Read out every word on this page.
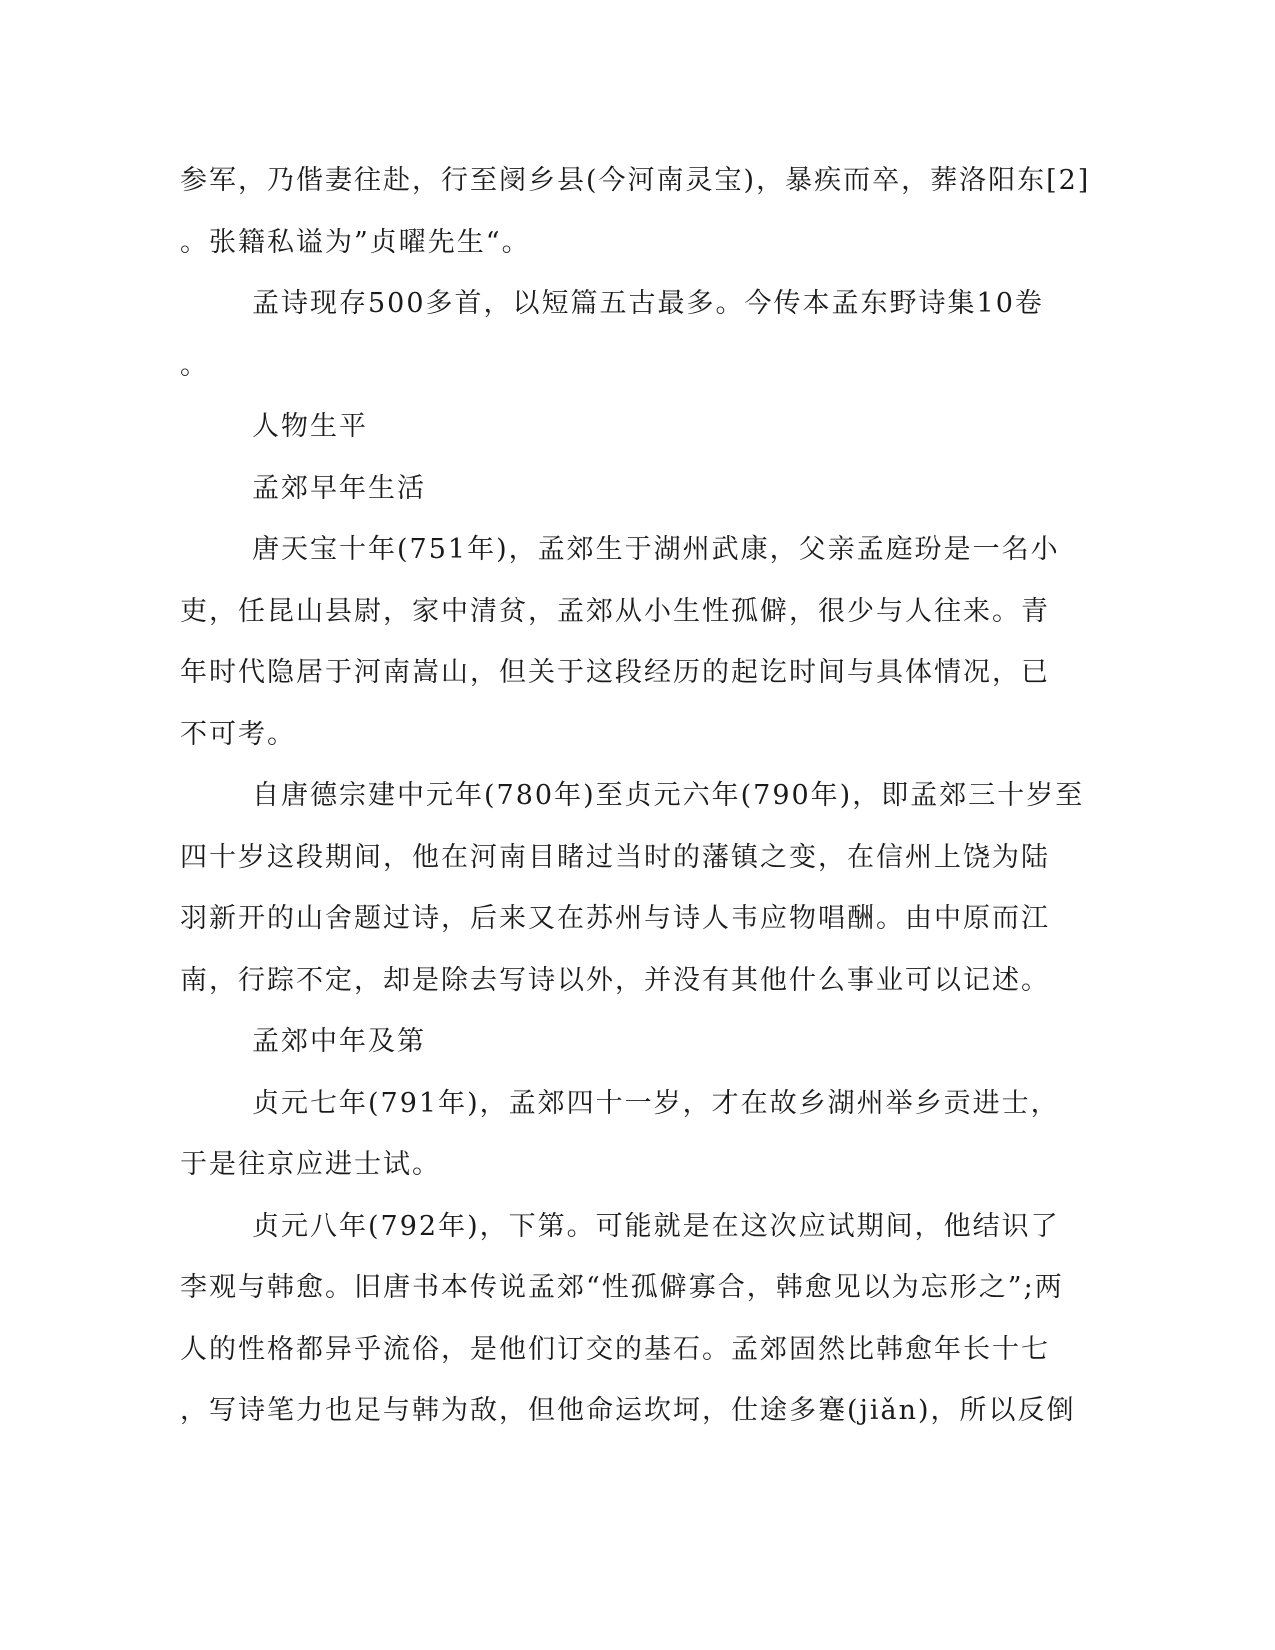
参军，乃偕妻往赴，行至阌乡县(今河南灵宝)，暴疾而卒，葬洛阳东[2]
。张籍私谥为”贞曜先生“。
孟诗现存500多首，以短篇五古最多。今传本孟东野诗集10卷
。
人物生平
孟郊早年生活
唐天宝十年(751年)，孟郊生于湖州武康，父亲孟庭玢是一名小
吏，任昆山县尉，家中清贫，孟郊从小生性孤僻，很少与人往来。青
年时代隐居于河南嵩山，但关于这段经历的起讫时间与具体情况，已
不可考。
自唐德宗建中元年(780年)至贞元六年(790年)，即孟郊三十岁至
四十岁这段期间，他在河南目睹过当时的藩镇之变，在信州上饶为陆
羽新开的山舍题过诗，后来又在苏州与诗人韦应物唱酬。由中原而江
南，行踪不定，却是除去写诗以外，并没有其他什么事业可以记述。
孟郊中年及第
贞元七年(791年)，孟郊四十一岁，才在故乡湖州举乡贡进士，
于是往京应进士试。
贞元八年(792年)，下第。可能就是在这次应试期间，他结识了
李观与韩愈。旧唐书本传说孟郊“性孤僻寡合，韩愈见以为忘形之”;两
人的性格都异乎流俗，是他们订交的基石。孟郊固然比韩愈年长十七
，写诗笔力也足与韩为敌，但他命运坎坷，仕途多蹇(jiǎn)，所以反倒
